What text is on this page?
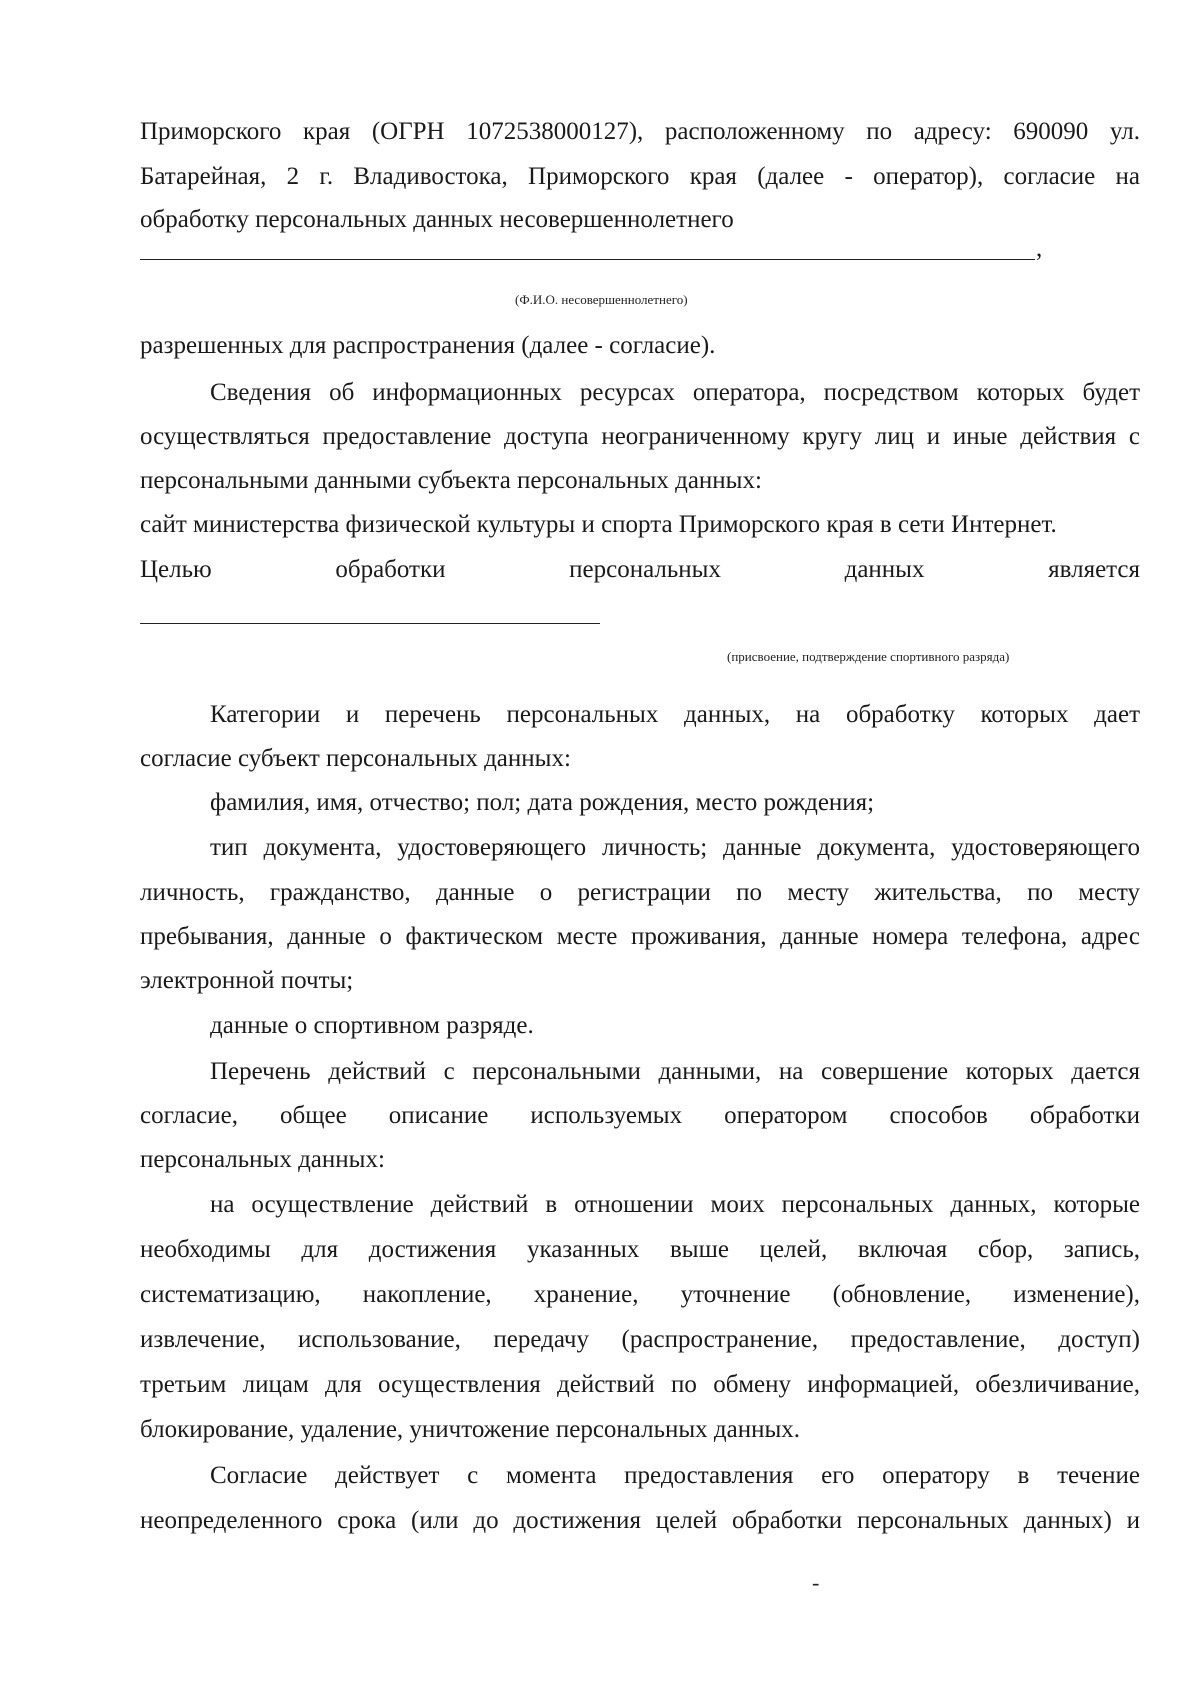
Приморского края (ОГРН 1072538000127), расположенному по адресу: 690090 ул.
Батарейная, 2 г. Владивостока, Приморского края (далее - оператор), согласие на
обработку персональных данных несовершеннолетнего
,
(Ф.И.О. несовершеннолетнего)
разрешенных для распространения (далее - согласие).
Сведения об информационных ресурсах оператора, посредством которых будет
осуществляться предоставление доступа неограниченному кругу лиц и иные действия с
персональными данными субъекта персональных данных:
сайт министерства физической культуры и спорта Приморского края в сети Интернет.
Целью обработки персональных данных является
(присвоение, подтверждение спортивного разряда)
Категории и перечень персональных данных, на обработку которых дает
согласие субъект персональных данных:
фамилия, имя, отчество; пол; дата рождения, место рождения;
тип документа, удостоверяющего личность; данные документа, удостоверяющего
личность, гражданство, данные о регистрации по месту жительства, по месту
пребывания, данные о фактическом месте проживания, данные номера телефона, адрес
электронной почты;
данные о спортивном разряде.
Перечень действий с персональными данными, на совершение которых дается
согласие, общее описание используемых оператором способов обработки
персональных данных:
на осуществление действий в отношении моих персональных данных, которые
необходимы для достижения указанных выше целей, включая сбор, запись,
систематизацию, накопление, хранение, уточнение (обновление, изменение),
извлечение, использование, передачу (распространение, предоставление, доступ)
третьим лицам для осуществления действий по обмену информацией, обезличивание,
блокирование, удаление, уничтожение персональных данных.
Согласие действует с момента предоставления его оператору в течение
неопределенного срока (или до достижения целей обработки персональных данных) и
-
